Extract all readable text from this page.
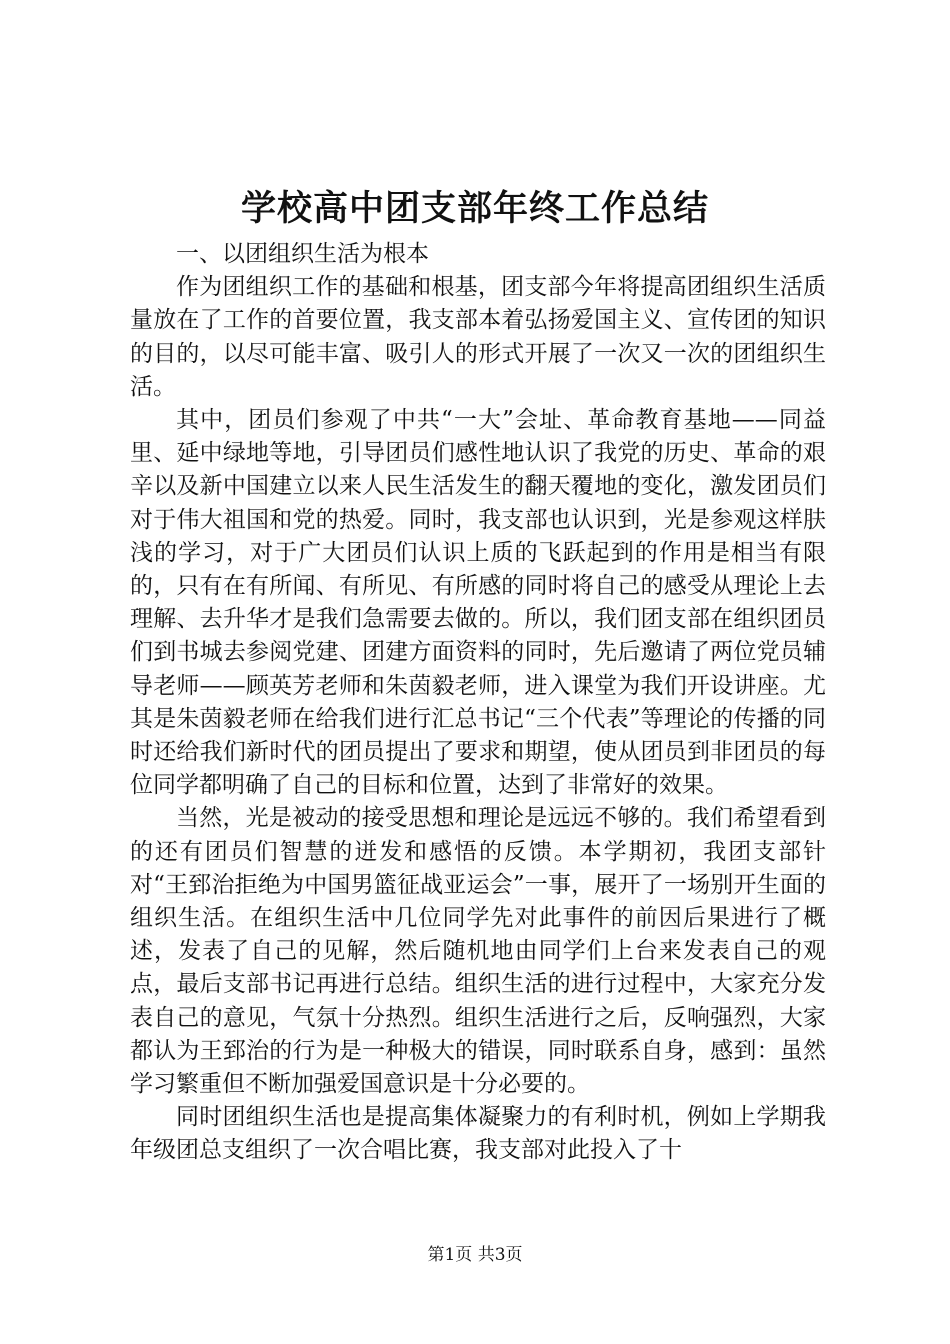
学校高中团支部年终工作总结

一、以团组织生活为根本

作为团组织工作的基础和根基，团支部今年将提高团组织生活质量放在了工作的首要位置，我支部本着弘扬爱国主义、宣传团的知识的目的，以尽可能丰富、吸引人的形式开展了一次又一次的团组织生活。

其中，团员们参观了中共“一大”会址、革命教育基地——同益里、延中绿地等地，引导团员们感性地认识了我党的历史、革命的艰辛以及新中国建立以来人民生活发生的翻天覆地的变化，激发团员们对于伟大祖国和党的热爱。同时，我支部也认识到，光是参观这样肤浅的学习，对于广大团员们认识上质的飞跃起到的作用是相当有限的，只有在有所闻、有所见、有所感的同时将自己的感受从理论上去理解、去升华才是我们急需要去做的。所以，我们团支部在组织团员们到书城去参阅党建、团建方面资料的同时，先后邀请了两位党员辅导老师——顾英芳老师和朱茵毅老师，进入课堂为我们开设讲座。尤其是朱茵毅老师在给我们进行汇总书记“三个代表”等理论的传播的同时还给我们新时代的团员提出了要求和期望，使从团员到非团员的每位同学都明确了自己的目标和位置，达到了非常好的效果。

当然，光是被动的接受思想和理论是远远不够的。我们希望看到的还有团员们智慧的迸发和感悟的反馈。本学期初，我团支部针对“王郅治拒绝为中国男篮征战亚运会”一事，展开了一场别开生面的组织生活。在组织生活中几位同学先对此事件的前因后果进行了概述，发表了自己的见解，然后随机地由同学们上台来发表自己的观点，最后支部书记再进行总结。组织生活的进行过程中，大家充分发表自己的意见，气氛十分热烈。组织生活进行之后，反响强烈，大家都认为王郅治的行为是一种极大的错误，同时联系自身，感到：虽然学习繁重但不断加强爱国意识是十分必要的。

同时团组织生活也是提高集体凝聚力的有利时机，例如上学期我年级团总支组织了一次合唱比赛，我支部对此投入了十

第1页 共3页
